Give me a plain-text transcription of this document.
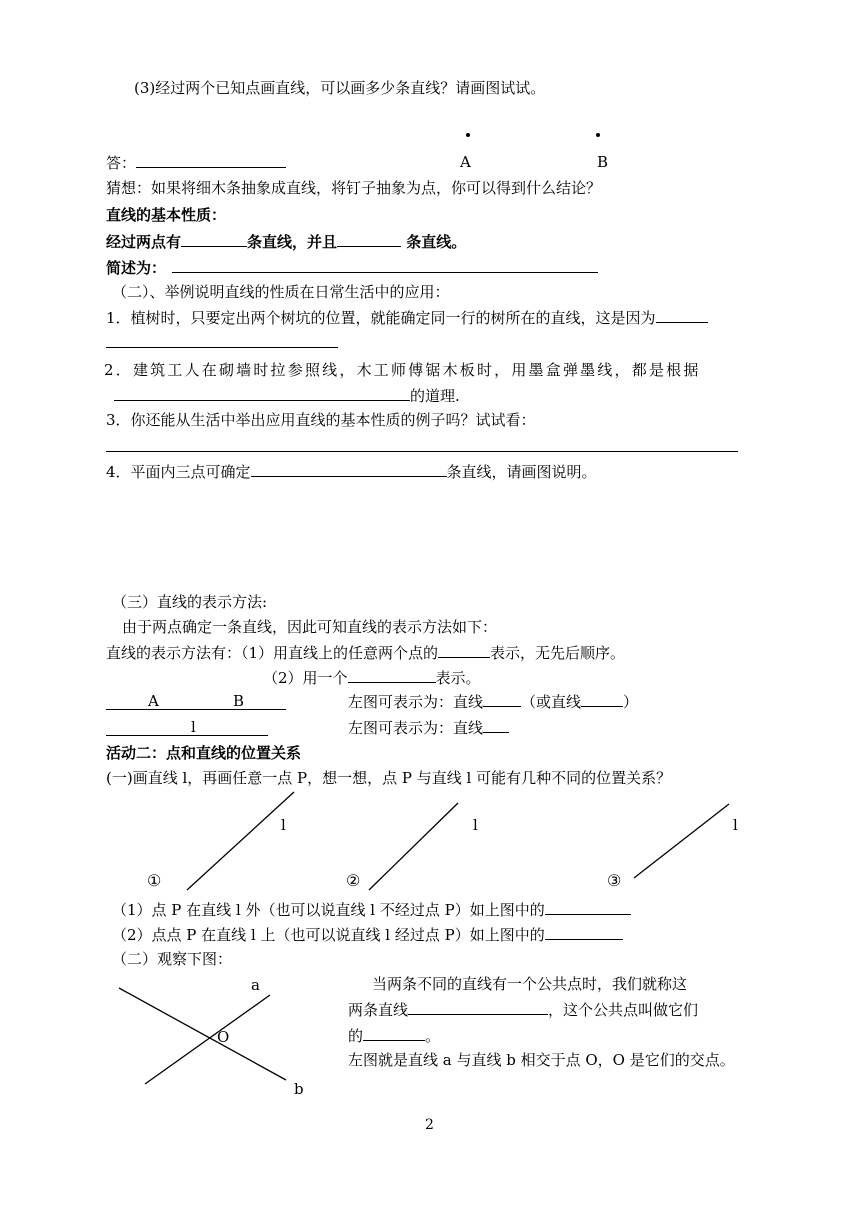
(3)经过两个已知点画直线，可以画多少条直线？请画图试试。
答：	A	B
猜想：如果将细木条抽象成直线，将钉子抽象为点，你可以得到什么结论？
直线的基本性质：
经过两点有	条直线，并且	条直线。
简述为：
（二）、举例说明直线的性质在日常生活中的应用：
1．植树时，只要定出两个树坑的位置，就能确定同一行的树所在的直线，这是因为
2．建筑工人在砌墙时拉参照线，木工师傅锯木板时，用墨盒弹墨线，都是根据
的道理.
3．你还能从生活中举出应用直线的基本性质的例子吗？试试看：
4．平面内三点可确定	条直线，请画图说明。
（三）直线的表示方法:
由于两点确定一条直线，因此可知直线的表示方法如下：
直线的表示方法有：（1）用直线上的任意两个点的	表示，无先后顺序。
（2）用一个	表示。
A	B	左图可表示为：直线	（或直线	）
l	左图可表示为：直线
活动二：点和直线的位置关系
(一)画直线 l，再画任意一点 P，想一想，点 P 与直线 l 可能有几种不同的位置关系？
l	l	l
①	②	③
（1）点 P 在直线 l 外（也可以说直线 l 不经过点 P）如上图中的
（2）点点 P 在直线 l 上（也可以说直线 l 经过点 P）如上图中的
（二）观察下图：
a
O
b
当两条不同的直线有一个公共点时，我们就称这
两条直线	，这个公共点叫做它们
的	。
左图就是直线 a 与直线 b 相交于点 O，O 是它们的交点。
2
